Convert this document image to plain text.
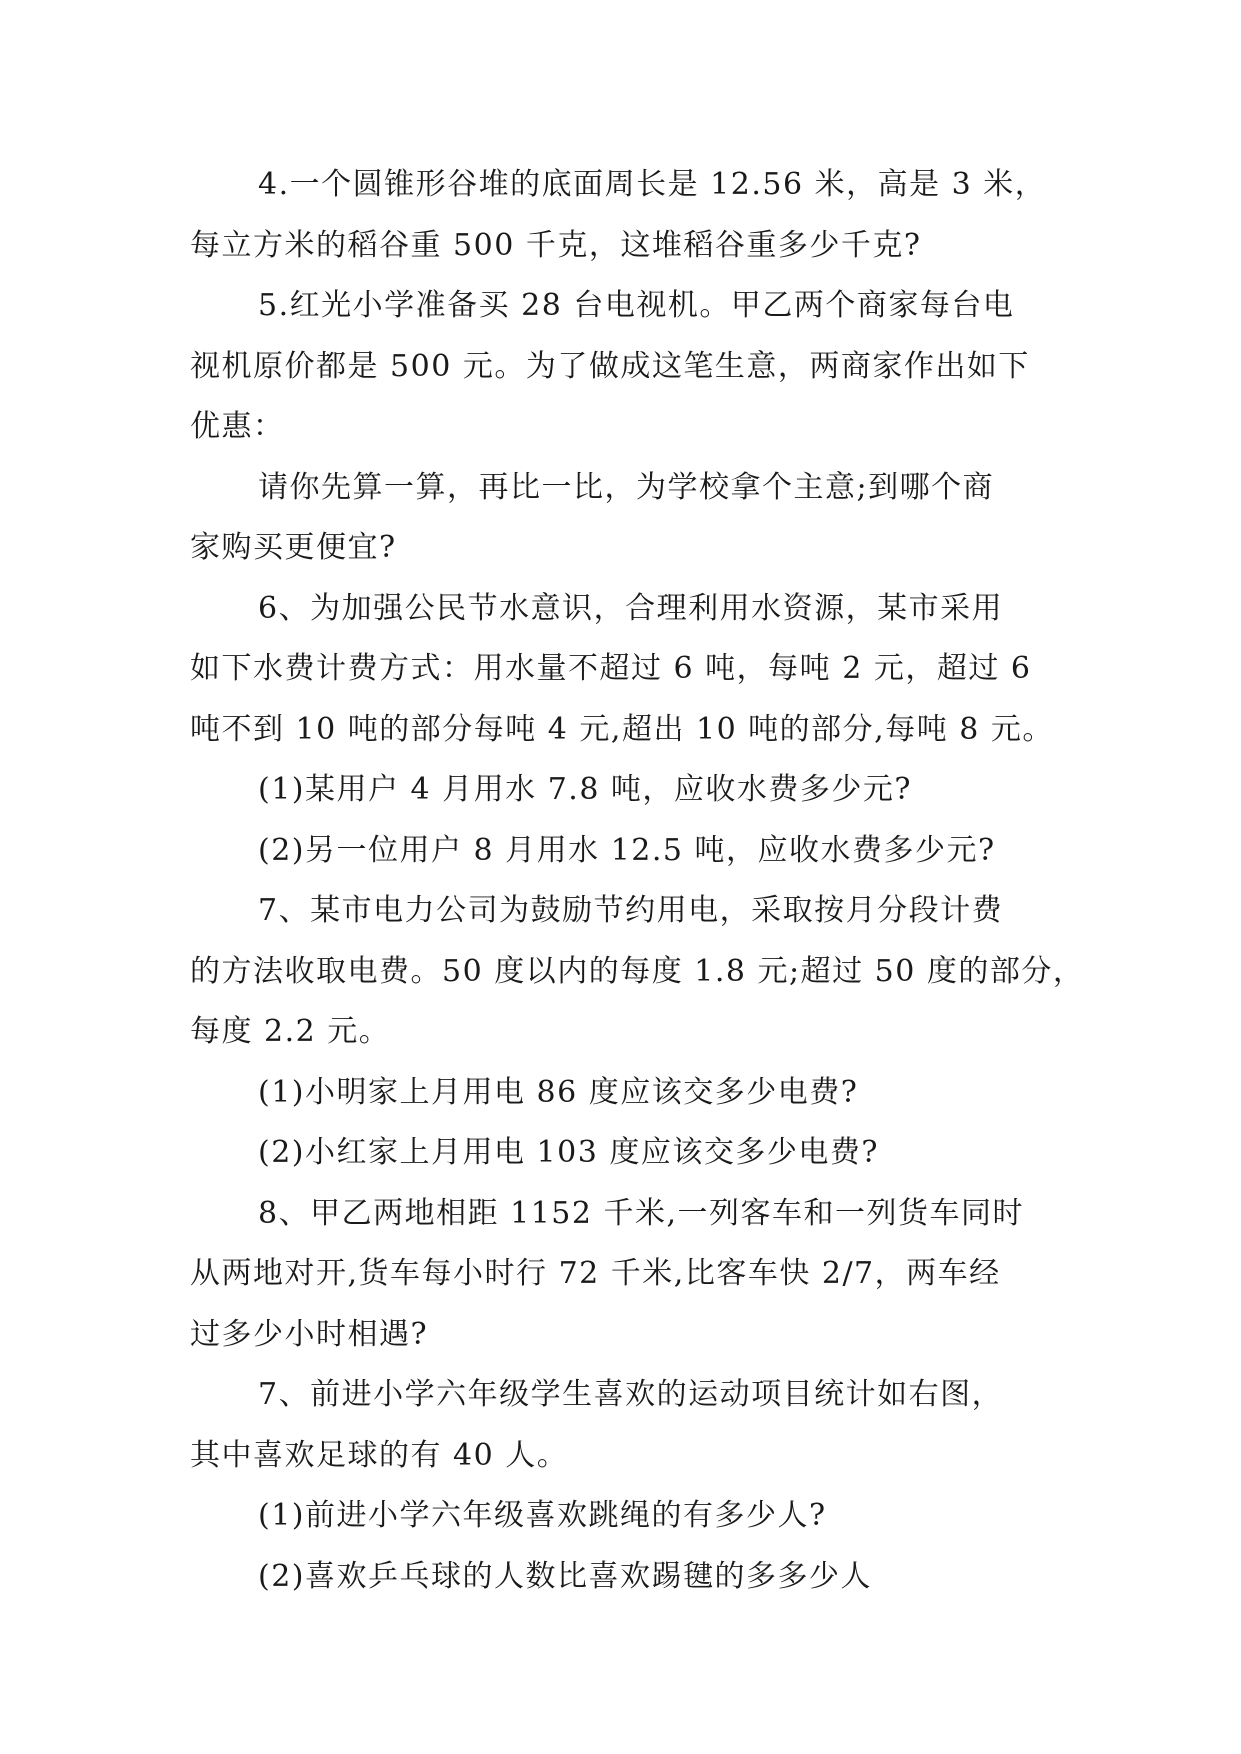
4.一个圆锥形谷堆的底面周长是 12.56 米，高是 3 米，

每立方米的稻谷重 500 千克，这堆稻谷重多少千克?

5.红光小学准备买 28 台电视机。甲乙两个商家每台电

视机原价都是 500 元。为了做成这笔生意，两商家作出如下

优惠：

请你先算一算，再比一比，为学校拿个主意;到哪个商

家购买更便宜?

6、为加强公民节水意识，合理利用水资源，某市采用

如下水费计费方式：用水量不超过 6 吨，每吨 2 元，超过 6

吨不到 10 吨的部分每吨 4 元,超出 10 吨的部分,每吨 8 元。

(1)某用户 4 月用水 7.8 吨，应收水费多少元?

(2)另一位用户 8 月用水 12.5 吨，应收水费多少元?

7、某市电力公司为鼓励节约用电，采取按月分段计费

的方法收取电费。50 度以内的每度 1.8 元;超过 50 度的部分，

每度 2.2 元。

(1)小明家上月用电 86 度应该交多少电费?

(2)小红家上月用电 103 度应该交多少电费?

8、甲乙两地相距 1152 千米,一列客车和一列货车同时

从两地对开,货车每小时行 72 千米,比客车快 2/7，两车经

过多少小时相遇?

7、前进小学六年级学生喜欢的运动项目统计如右图，

其中喜欢足球的有 40 人。

(1)前进小学六年级喜欢跳绳的有多少人?

(2)喜欢乒乓球的人数比喜欢踢毽的多多少人
